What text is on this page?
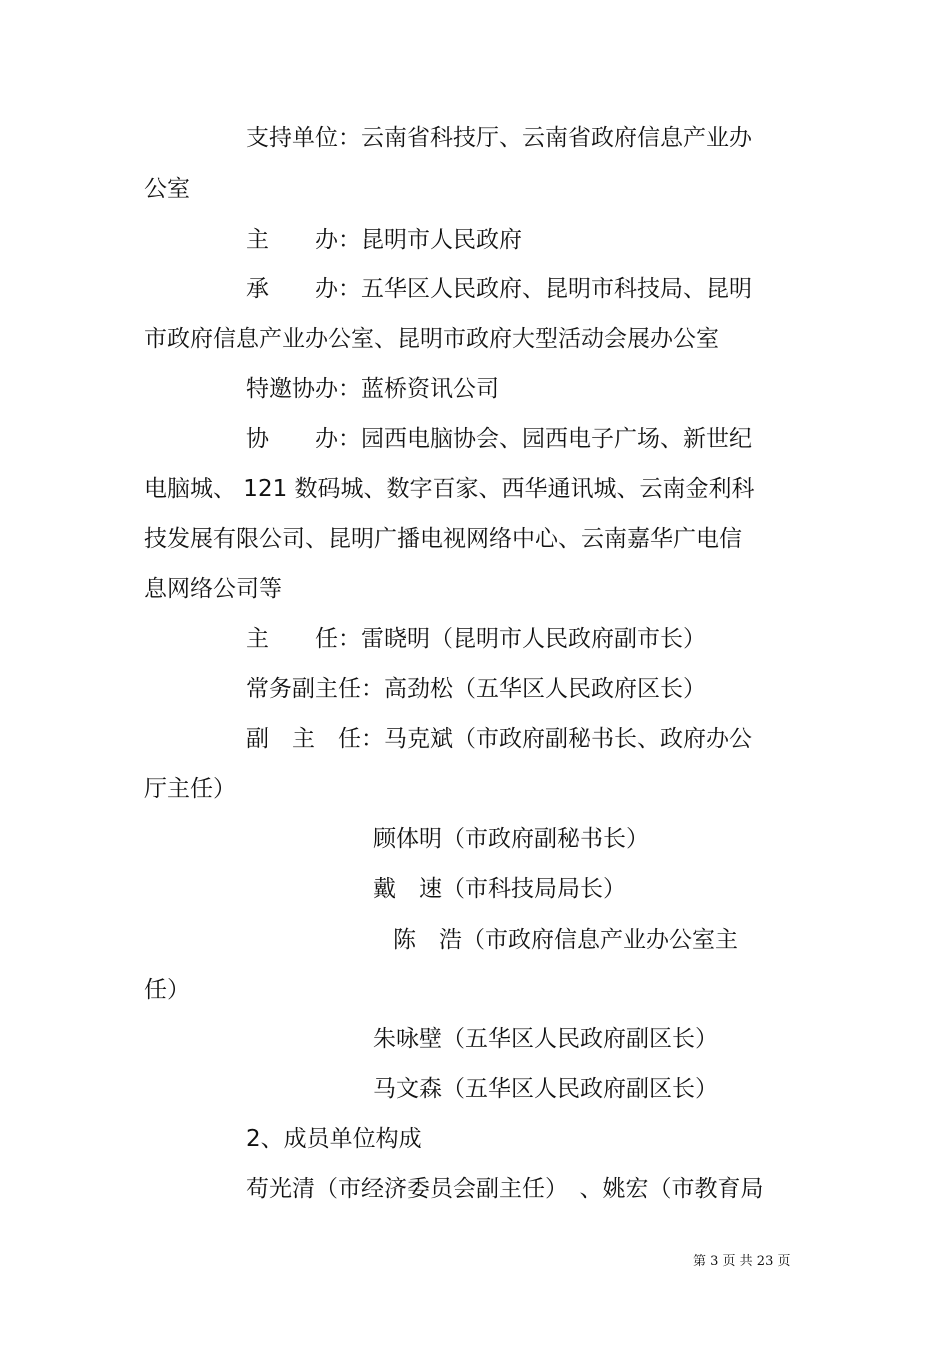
支持单位：云南省科技厅、云南省政府信息产业办
公室
主　　办：昆明市人民政府
承　　办：五华区人民政府、昆明市科技局、昆明
市政府信息产业办公室、昆明市政府大型活动会展办公室
特邀协办：蓝桥资讯公司
协　　办：园西电脑协会、园西电子广场、新世纪
电脑城、 121 数码城、数字百家、西华通讯城、云南金利科
技发展有限公司、昆明广播电视网络中心、云南嘉华广电信
息网络公司等
主　　任：雷晓明（昆明市人民政府副市长）
常务副主任：高劲松（五华区人民政府区长）
副　主　任：马克斌（市政府副秘书长、政府办公
厅主任）
顾体明（市政府副秘书长）
戴　速（市科技局局长）
陈　浩（市政府信息产业办公室主
任）
朱咏壁（五华区人民政府副区长）
马文森（五华区人民政府副区长）
2、成员单位构成
苟光清（市经济委员会副主任）　、姚宏（市教育局
第 3 页 共 23 页
